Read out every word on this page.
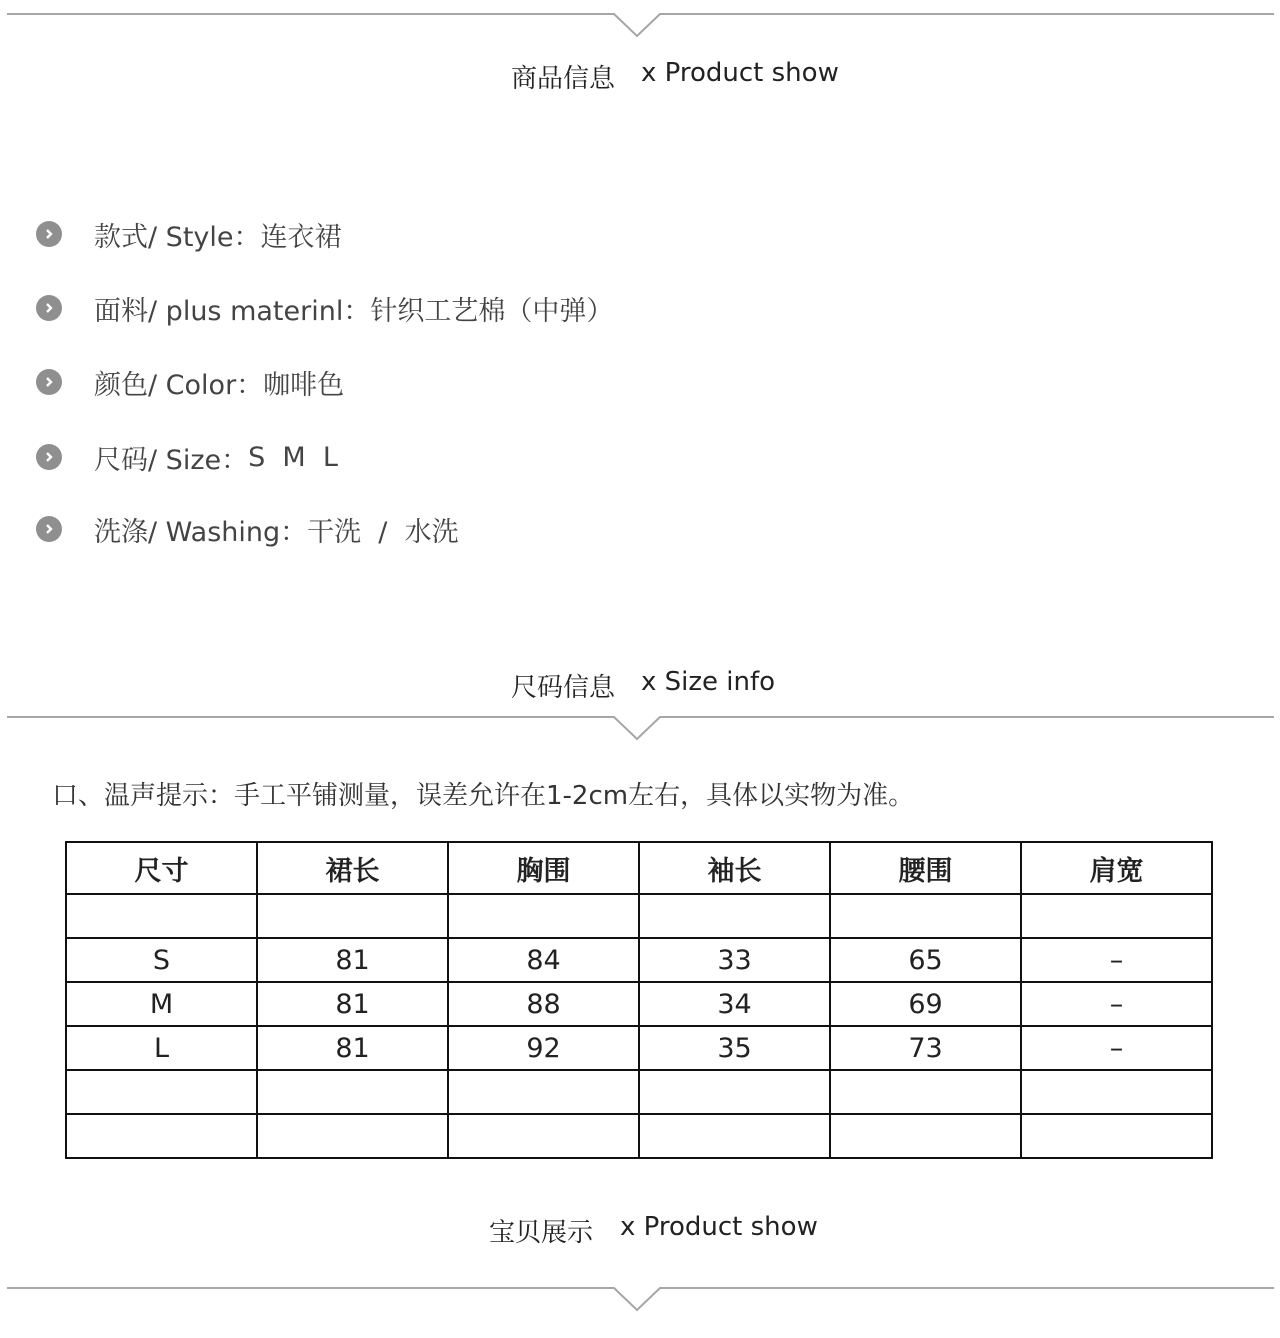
商品信息 x Product show
款式/ Style： 连衣裙
面料/ plus materinl： 针织工艺棉（中弹）
颜色/ Color： 咖啡色
尺码/ Size： S  M  L
洗涤/ Washing： 干洗  /  水洗
尺码信息 x Size info
口、温声提示：手工平铺测量，误差允许在1-2cm左右，具体以实物为准。
尺寸	裙长	胸围	袖长	腰围	肩宽

S	81	84	33	65	–
M	81	88	34	69	–
L	81	92	35	73	–

宝贝展示 x Product show
